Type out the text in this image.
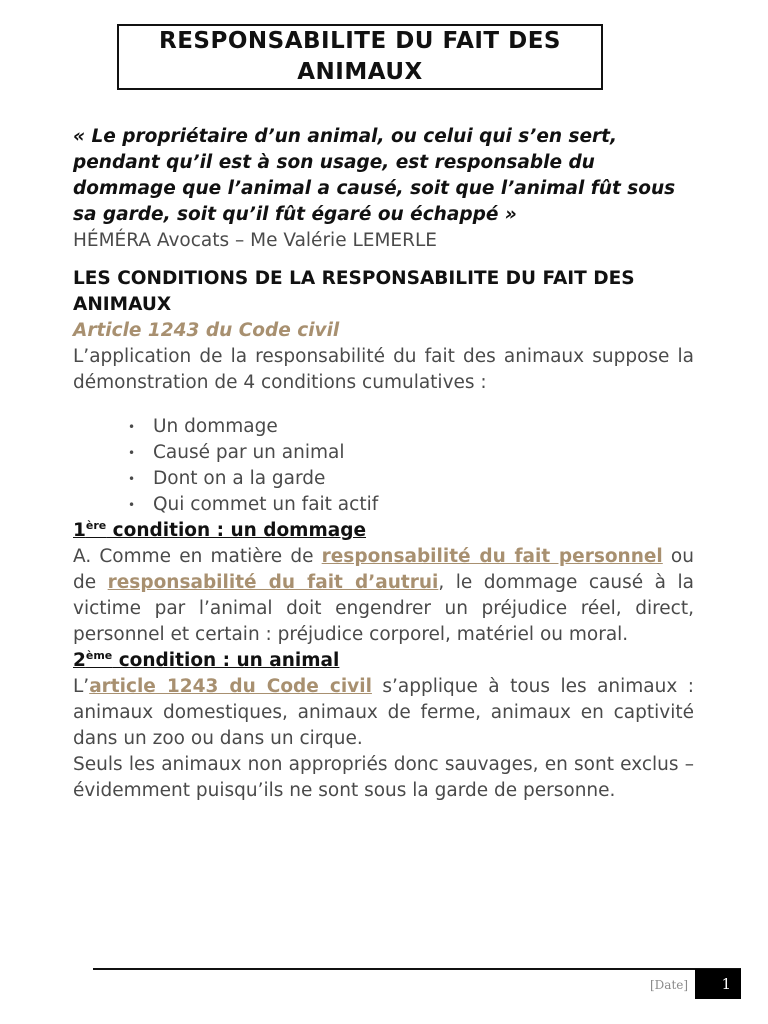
RESPONSABILITE DU FAIT DES ANIMAUX

« Le propriétaire d’un animal, ou celui qui s’en sert, pendant qu’il est à son usage, est responsable du dommage que l’animal a causé, soit que l’animal fût sous sa garde, soit qu’il fût égaré ou échappé »

HÉMÉRA Avocats – Me Valérie LEMERLE

LES CONDITIONS DE LA RESPONSABILITE DU FAIT DES ANIMAUX

Article 1243 du Code civil

L’application de la responsabilité du fait des animaux suppose la démonstration de 4 conditions cumulatives :

• Un dommage
• Causé par un animal
• Dont on a la garde
• Qui commet un fait actif

1ère condition : un dommage

A. Comme en matière de responsabilité du fait personnel ou de responsabilité du fait d’autrui, le dommage causé à la victime par l’animal doit engendrer un préjudice réel, direct, personnel et certain : préjudice corporel, matériel ou moral.

2ème condition : un animal

L’article 1243 du Code civil s’applique à tous les animaux : animaux domestiques, animaux de ferme, animaux en captivité dans un zoo ou dans un cirque.

Seuls les animaux non appropriés donc sauvages, en sont exclus – évidemment puisqu’ils ne sont sous la garde de personne.

[Date]	1
